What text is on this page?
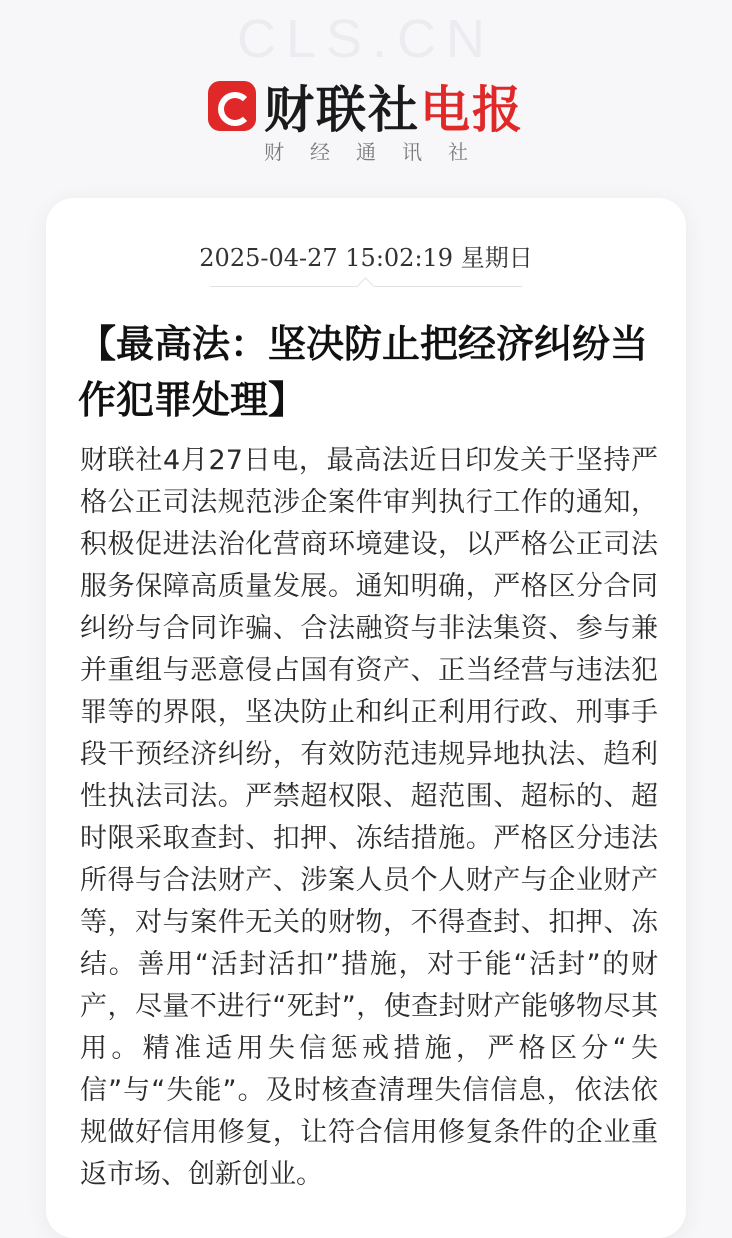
CLS.CN
财联社电报
财经通讯社
2025-04-27 15:02:19 星期日
【最高法：坚决防止把经济纠纷当作犯罪处理】
财联社4月27日电，最高法近日印发关于坚持严格公正司法规范涉企案件审判执行工作的通知，积极促进法治化营商环境建设，以严格公正司法服务保障高质量发展。通知明确，严格区分合同纠纷与合同诈骗、合法融资与非法集资、参与兼并重组与恶意侵占国有资产、正当经营与违法犯罪等的界限，坚决防止和纠正利用行政、刑事手段干预经济纠纷，有效防范违规异地执法、趋利性执法司法。严禁超权限、超范围、超标的、超时限采取查封、扣押、冻结措施。严格区分违法所得与合法财产、涉案人员个人财产与企业财产等，对与案件无关的财物，不得查封、扣押、冻结。善用“活封活扣”措施，对于能“活封”的财产，尽量不进行“死封”，使查封财产能够物尽其用。精准适用失信惩戒措施，严格区分“失信”与“失能”。及时核查清理失信信息，依法依规做好信用修复，让符合信用修复条件的企业重返市场、创新创业。
